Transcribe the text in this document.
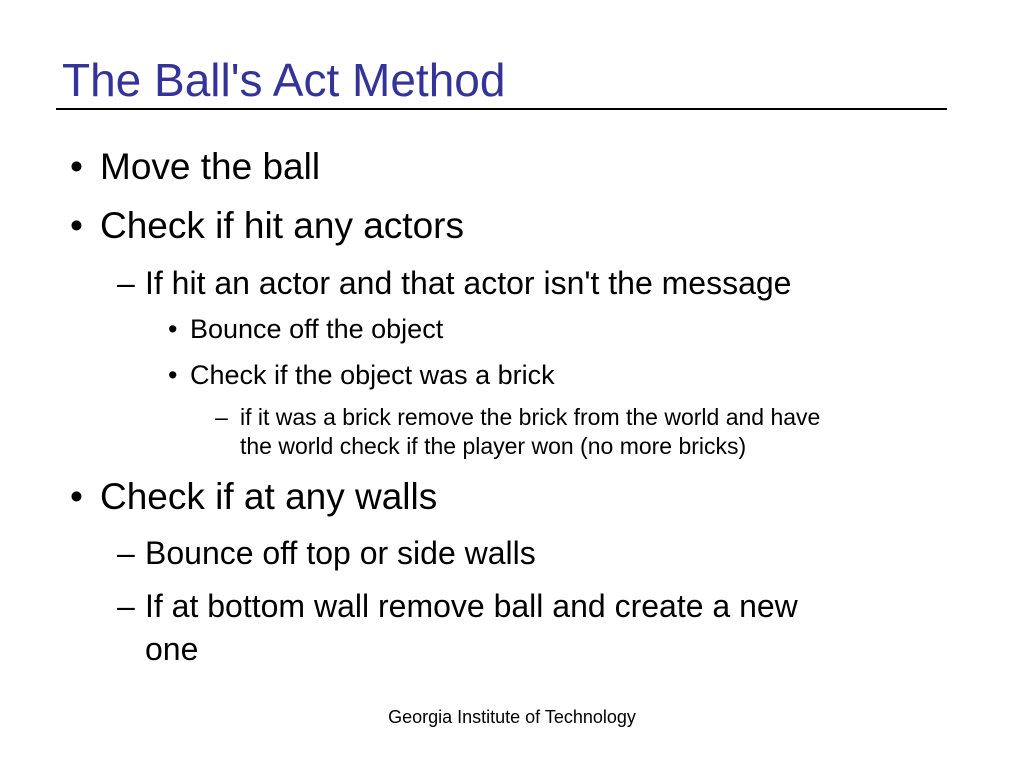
The Ball's Act Method
• Move the ball
• Check if hit any actors
– If hit an actor and that actor isn't the message
• Bounce off the object
• Check if the object was a brick
– if it was a brick remove the brick from the world and have
the world check if the player won (no more bricks)
• Check if at any walls
– Bounce off top or side walls
– If at bottom wall remove ball and create a new
one
Georgia Institute of Technology
